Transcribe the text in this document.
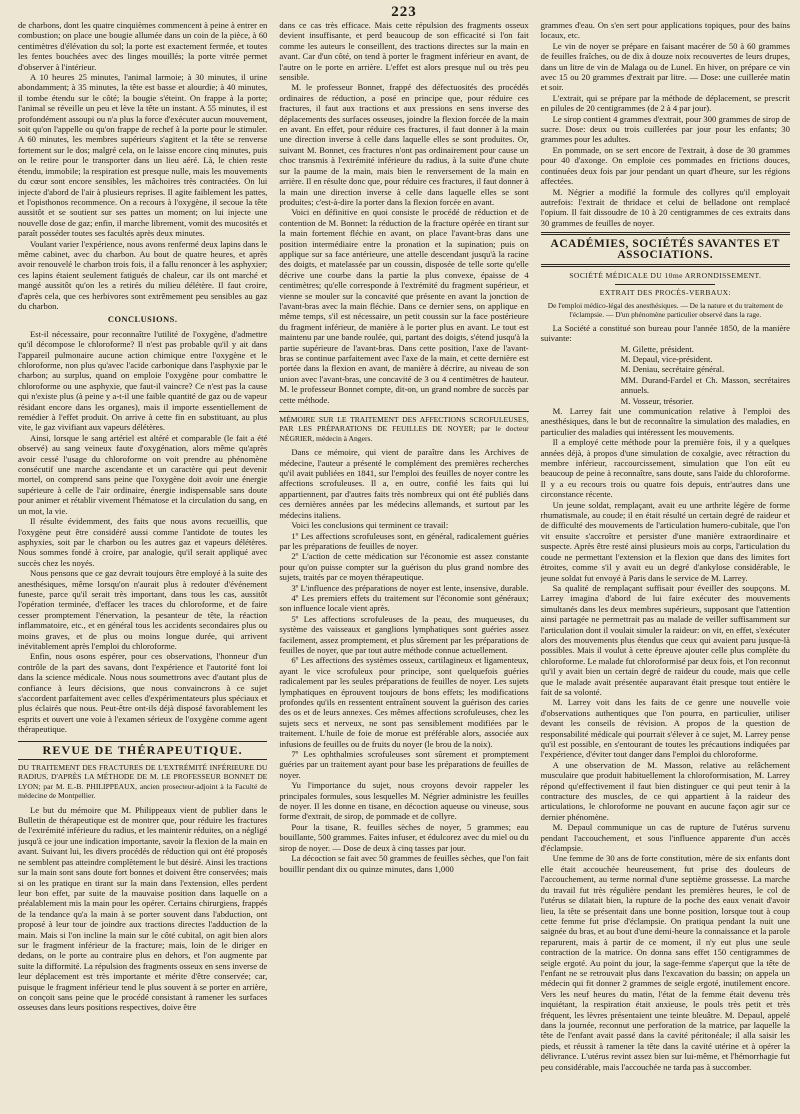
223

de charbons, dont les quatre cinquièmes commencent à peine à entrer en combustion; on place une bougie allumée dans un coin de la pièce, à 60 centimètres d'élévation du sol; la porte est exactement fermée, et toutes les fentes bouchées avec des linges mouillés; la porte vitrée permet d'observer à l'intérieur.

A 10 heures 25 minutes, l'animal larmoie; à 30 minutes, il urine abondamment; à 35 minutes, la tête est basse et alourdie; à 40 minutes, il tombe étendu sur le côté; la bougie s'éteint. On frappe à la porte; l'animal se réveille un peu et lève la tête un instant. A 55 minutes, il est profondément assoupi ou n'a plus la force d'exécuter aucun mouvement, soit qu'on l'appelle ou qu'on frappe de rechef à la porte pour le stimuler. A 60 minutes, les membres supérieurs s'agitent et la tête se renverse fortement sur le dos; malgré cela, on le laisse encore cinq minutes, puis on le retire pour le transporter dans un lieu aéré. Là, le chien reste étendu, immobile; la respiration est presque nulle, mais les mouvements du cœur sont encore sensibles, les mâchoires très contractées. On lui injecte d'abord de l'air à plusieurs reprises. Il agite faiblement les pattes, et l'opisthonos recommence. On a recours à l'oxygène, il secoue la tête aussitôt et se soutient sur ses pattes un moment; on lui injecte une nouvelle dose de gaz; enfin, il marche librement, vomit des mucosités et paraît posséder toutes ses facultés après deux minutes.

Voulant varier l'expérience, nous avons renfermé deux lapins dans le même cabinet, avec du charbon. Au bout de quatre heures, et après avoir renouvelé le charbon trois fois, il a fallu renoncer à les asphyxier; ces lapins étaient seulement fatigués de chaleur, car ils ont marché et mangé aussitôt qu'on les a retirés du milieu délétère. Il faut croire, d'après cela, que ces herbivores sont extrêmement peu sensibles au gaz du charbon.

CONCLUSIONS.

Est-il nécessaire, pour reconnaître l'utilité de l'oxygène, d'admettre qu'il décompose le chloroforme? Il n'est pas probable qu'il y ait dans l'appareil pulmonaire aucune action chimique entre l'oxygène et le chloroforme, non plus qu'avec l'acide carbonique dans l'asphyxie par le charbon; au surplus, quand on emploie l'oxygène pour combattre le chloroforme ou une asphyxie, que faut-il vaincre? Ce n'est pas la cause qui n'existe plus (à peine y a-t-il une faible quantité de gaz ou de vapeur résidant encore dans les organes), mais il importe essentiellement de remédier à l'effet produit. On arrive à cette fin en substituant, au plus vite, le gaz vivifiant aux vapeurs délétères.

Ainsi, lorsque le sang artériel est altéré et comparable (le fait a été observé) au sang veineux faute d'oxygénation, alors même qu'après avoir cessé l'usage du chloroforme on voit prendre au phénomène consécutif une marche ascendante et un caractère qui peut devenir mortel, on comprend sans peine que l'oxygène doit avoir une énergie supérieure à celle de l'air ordinaire, énergie indispensable sans doute pour animer et rétablir vivement l'hématose et la circulation du sang, en un mot, la vie.

Il résulte évidemment, des faits que nous avons recueillis, que l'oxygène peut être considéré aussi comme l'antidote de toutes les asphyxies, soit par le charbon ou les autres gaz et vapeurs délétères. Nous sommes fondé à croire, par analogie, qu'il serait appliqué avec succès chez les noyés.

Nous pensons que ce gaz devrait toujours être employé à la suite des anesthésiques, même lorsqu'on n'aurait plus à redouter d'événement funeste, parce qu'il serait très important, dans tous les cas, aussitôt l'opération terminée, d'effacer les traces du chloroforme, et de faire cesser promptement l'énervation, la pesanteur de tête, la réaction inflammatoire, etc., et en général tous les accidents secondaires plus ou moins graves, et de plus ou moins longue durée, qui arrivent inévitablement après l'emploi du chloroforme.

Enfin, nous osons espérer, pour ces observations, l'honneur d'un contrôle de la part des savans, dont l'expérience et l'autorité font loi dans la science médicale. Nous nous soumettrons avec d'autant plus de confiance à leurs décisions, que nous convaincrons à ce sujet s'accordent parfaitement avec celles d'expérimentateurs plus spéciaux et plus éclairés que nous. Peut-être ont-ils déjà disposé favorablement les esprits et ouvert une voie à l'examen sérieux de l'oxygène comme agent thérapeutique.

REVUE DE THÉRAPEUTIQUE.
DU TRAITEMENT DES FRACTURES DE L'EXTRÉMITÉ INFÉRIEURE DU RADIUS, D'APRÈS LA MÉTHODE DE M. LE PROFESSEUR BONNET DE LYON; par M. E.-B. PHILIPPEAUX, ancien prosecteur-adjoint à la Faculté de médecine de Montpellier.

Le but du mémoire que M. Philippeaux vient de publier dans le Bulletin de thérapeutique est de montrer que, pour réduire les fractures de l'extrémité inférieure du radius, et les maintenir réduites, on a négligé jusqu'à ce jour une indication importante, savoir la flexion de la main en avant. Suivant lui, les divers procédés de réduction qui ont été proposés ne semblent pas atteindre complètement le but désiré. Ainsi les tractions sur la main sont sans doute fort bonnes et doivent être conservées; mais si on les pratique en tirant sur la main dans l'extension, elles perdent leur bon effet, par suite de la mauvaise position dans laquelle on a préalablement mis la main pour les opérer. Certains chirurgiens, frappés de la tendance qu'a la main à se porter souvent dans l'abduction, ont proposé à leur tour de joindre aux tractions directes l'adduction de la main. Mais si l'on incline la main sur le côté cubital, on agit bien alors sur le fragment inférieur de la fracture; mais, loin de le diriger en dedans, on le porte au contraire plus en dehors, et l'on augmente par suite la difformité. La répulsion des fragments osseux en sens inverse de leur déplacement est très importante et mérite d'être conservée; car, puisque le fragment inférieur tend le plus souvent à se porter en arrière, on conçoit sans peine que le procédé consistant à ramener les surfaces osseuses dans leurs positions respectives, doive être

dans ce cas très efficace. Mais cette répulsion des fragments osseux devient insuffisante, et perd beaucoup de son efficacité si l'on fait comme les auteurs le conseillent, des tractions directes sur la main en avant. Car d'un côté, on tend à porter le fragment inférieur en avant, de l'autre on le porte en arrière. L'effet est alors presque nul ou très peu sensible.

M. le professeur Bonnet, frappé des défectuosités des procédés ordinaires de réduction, a posé en principe que, pour réduire ces fractures, il faut aux tractions et aux pressions en sens inverse des déplacements des surfaces osseuses, joindre la flexion forcée de la main en avant. En effet, pour réduire ces fractures, il faut donner à la main une direction inverse à celle dans laquelle elles se sont produites. Or, suivant M. Bonnet, ces fractures n'ont pas ordinairement pour cause un choc transmis à l'extrémité inférieure du radius, à la suite d'une chute sur la paume de la main, mais bien le renversement de la main en arrière. Il en résulte donc que, pour réduire ces fractures, il faut donner à la main une direction inverse à celle dans laquelle elles se sont produites; c'est-à-dire la porter dans la flexion forcée en avant.

Voici en définitive en quoi consiste le procédé de réduction et de contention de M. Bonnet: la réduction de la fracture opérée en tirant sur la main fortement fléchie en avant, on place l'avant-bras dans une position intermédiaire entre la pronation et la supination; puis on applique sur sa face antérieure, une attelle descendant jusqu'à la racine des doigts, et matelassée par un coussin, disposée de telle sorte qu'elle décrive une courbe dans la partie la plus convexe, épaisse de 4 centimètres; qu'elle corresponde à l'extrémité du fragment supérieur, et vienne se mouler sur la concavité que présente en avant la jonction de l'avant-bras avec la main fléchie. Dans ce dernier sens, on applique en même temps, s'il est nécessaire, un petit coussin sur la face postérieure du fragment inférieur, de manière à le porter plus en avant. Le tout est maintenu par une bande roulée, qui, partant des doigts, s'étend jusqu'à la partie supérieure de l'avant-bras. Dans cette position, l'axe de l'avant-bras se continue parfaitement avec l'axe de la main, et cette dernière est portée dans la flexion en avant, de manière à décrire, au niveau de son union avec l'avant-bras, une concavité de 3 ou 4 centimètres de hauteur. M. le professeur Bonnet compte, dit-on, un grand nombre de succès par cette méthode.

MÉMOIRE SUR LE TRAITEMENT DES AFFECTIONS SCROFULEUSES, PAR LES PRÉPARATIONS DE FEUILLES DE NOYER; par le docteur NÉGRIER, médecin à Angers.

Dans ce mémoire, qui vient de paraître dans les Archives de médecine, l'auteur a présenté le complément des premières recherches qu'il avait publiées en 1841, sur l'emploi des feuilles de noyer contre les affections scrofuleuses. Il a, en outre, confié les faits qui lui appartiennent, par d'autres faits très nombreux qui ont été publiés dans ces dernières années par les médecins allemands, et surtout par les médecins italiens.

Voici les conclusions qui terminent ce travail:

1º Les affections scrofuleuses sont, en général, radicalement guéries par les préparations de feuilles de noyer.

2º L'action de cette médication sur l'économie est assez constante pour qu'on puisse compter sur la guérison du plus grand nombre des sujets, traités par ce moyen thérapeutique.

3º L'influence des préparations de noyer est lente, insensive, durable.

4º Les premiers effets du traitement sur l'économie sont généraux; son influence locale vient après.

5º Les affections scrofuleuses de la peau, des muqueuses, du système des vaisseaux et ganglions lymphatiques sont guéries assez facilement, assez promptement, et plus sûrement par les préparations de feuilles de noyer, que par tout autre méthode connue actuellement.

6º Les affections des systèmes osseux, cartilagineux et ligamenteux, ayant le vice scrofuleux pour principe, sont quelquefois guéries radicalement par les seules préparations de feuilles de noyer. Les sujets lymphatiques en éprouvent toujours de bons effets; les modifications profondes qu'ils en ressentent entraînent souvent la guérison des caries des os et de leurs annexes. Ces mêmes affections scrofuleuses, chez les sujets secs et nerveux, ne sont pas sensiblement modifiées par le traitement. L'huile de foie de morue est préférable alors, associée aux infusions de feuilles ou de fruits du noyer (le brou de la noix).

7º Les ophthalmies scrofuleuses sont sûrement et promptement guéries par un traitement ayant pour base les préparations de feuilles de noyer.

Yu l'importance du sujet, nous croyons devoir rappeler les principales formules, sous lesquelles M. Négrier administre les feuilles de noyer. Il les donne en tisane, en décoction aqueuse ou vineuse, sous forme d'extrait, de sirop, de pommade et de collyre.

Pour la tisane, R. feuilles sèches de noyer, 5 grammes; eau bouillante, 500 grammes. Faites infuser, et édulcorez avec du miel ou du sirop de noyer. — Dose de deux à cinq tasses par jour.

La décoction se fait avec 50 grammes de feuilles sèches, que l'on fait bouillir pendant dix ou quinze minutes, dans 1,000

grammes d'eau. On s'en sert pour applications topiques, pour des bains locaux, etc.

Le vin de noyer se prépare en faisant macérer de 50 à 60 grammes de feuilles fraîches, ou de dix à douze noix recouvertes de leurs drupes, dans un litre de vin de Malaga ou de Lunel. En hiver, on prépare ce vin avec 15 ou 20 grammes d'extrait par litre. — Dose: une cuillerée matin et soir.

L'extrait, qui se prépare par la méthode de déplacement, se prescrit en pilules de 20 centigrammes (de 2 à 4 par jour).

Le sirop contient 4 grammes d'extrait, pour 300 grammes de sirop de sucre. Dose: deux ou trois cuillerées par jour pour les enfants; 30 grammes pour les adultes.

En pommade, on se sert encore de l'extrait, à dose de 30 grammes pour 40 d'axonge. On emploie ces pommades en frictions douces, continuées deux fois par jour pendant un quart d'heure, sur les régions affectées.

M. Négrier a modifié la formule des collyres qu'il employait autrefois: l'extrait de thridace et celui de belladone ont remplacé l'opium. Il fait dissoudre de 10 à 20 centigrammes de ces extraits dans 30 grammes de feuilles de noyer.

ACADÉMIES, SOCIÉTÉS SAVANTES ET ASSOCIATIONS.
SOCIÉTÉ MÉDICALE DU 10me ARRONDISSEMENT.
EXTRAIT DES PROCÈS-VERBAUX:
De l'emploi médico-légal des anesthésiques. — De la nature et du traitement de l'éclampsie. — D'un phénomène particulier observé dans la rage.

La Société a constitué son bureau pour l'année 1850, de la manière suivante:

M. Gilette, président.
M. Depaul, vice-président.
M. Deniau, secrétaire général.
MM. Durand-Fardel et Ch. Masson, secrétaires annuels.
M. Vosseur, trésorier.

M. Larrey fait une communication relative à l'emploi des anesthésiques, dans le but de reconnaître la simulation des maladies, en particulier des maladies qui intéressent les mouvements.

Il a employé cette méthode pour la première fois, il y a quelques années déjà, à propos d'une simulation de coxalgie, avec rétraction du membre inférieur, raccourcissement, simulation que l'on eût eu beaucoup de peine à reconnaître, sans doute, sans l'aide du chloroforme. Il y a eu recours trois ou quatre fois depuis, entr'autres dans une circonstance récente.

Un jeune soldat, remplaçant, avait eu une arthrite légère de forme rhumatismale, au coude; il en était résulté un certain degré de raideur et de difficulté des mouvements de l'articulation humero-cubitale, que l'on vit ensuite s'accroître et persister d'une manière extraordinaire et suspecte. Après être resté ainsi plusieurs mois au corps, l'articulation du coude ne permettant l'extension et la flexion que dans des limites fort étroites, comme s'il y avait eu un degré d'ankylose considérable, le jeune soldat fut envoyé à Paris dans le service de M. Larrey.

Sa qualité de remplaçant suffisait pour éveiller des soupçons. M. Larrey imagina d'abord de lui faire exécuter des mouvements simultanés dans les deux membres supérieurs, supposant que l'attention ainsi partagée ne permettrait pas au malade de veiller suffisamment sur l'articulation dont il voulait simuler la raideur: on vit, en effet, s'exécuter alors des mouvements plus étendus que ceux qui avaient paru jusque-là possibles. Mais il voulut à cette épreuve ajouter celle plus complète du chloroforme. Le malade fut chloroformisé par deux fois, et l'on reconnut qu'il y avait bien un certain degré de raideur du coude, mais que celle que le malade avait présentée auparavant était presque tout entière le fait de sa volonté.

M. Larrey voit dans les faits de ce genre une nouvelle voie d'observations authentiques que l'on pourra, en particulier, utiliser devant les conseils de révision. A propos de la question de responsabilité médicale qui pourrait s'élever à ce sujet, M. Larrey pense qu'il est possible, en s'entourant de toutes les précautions indiquées par l'expérience, d'éviter tout danger dans l'emploi du chloroforme.

A une observation de M. Masson, relative au relâchement musculaire que produit habituellement la chloroformisation, M. Larrey répond qu'effectivement il faut bien distinguer ce qui peut tenir à la contracture des muscles, de ce qui appartient à la raideur des articulations, le chloroforme ne pouvant en aucune façon agir sur ce dernier phénomène.

M. Depaul communique un cas de rupture de l'utérus survenu pendant l'accouchement, et sous l'influence apparente d'un accès d'éclampsie.

Une femme de 30 ans de forte constitution, mère de six enfants dont elle était accouchée heureusement, fut prise des douleurs de l'accouchement, au terme normal d'une septième grossesse. La marche du travail fut très régulière pendant les premières heures, le col de l'utérus se dilatait bien, la rupture de la poche des eaux venait d'avoir lieu, la tête se présentait dans une bonne position, lorsque tout à coup cette femme fut prise d'éclampsie. On pratiqua pendant la nuit une saignée du bras, et au bout d'une demi-heure la connaissance et la parole reparurent, mais à partir de ce moment, il n'y eut plus une seule contraction de la matrice. On donna sans effet 150 centigrammes de seigle ergoté. Au point du jour, la sage-femme s'aperçut que la tête de l'enfant ne se retrouvait plus dans l'excavation du bassin; on appela un médecin qui fit donner 2 grammes de seigle ergoté, inutilement encore. Vers les neuf heures du matin, l'état de la femme était devenu très inquiétant, la respiration était anxieuse, le pouls très petit et très fréquent, les lèvres présentaient une teinte bleuâtre. M. Depaul, appelé dans la journée, reconnut une perforation de la matrice, par laquelle la tête de l'enfant avait passé dans la cavité péritonéale; il alla saisir les pieds, et réussit à ramener la tête dans la cavité utérine et à opérer la délivrance. L'utérus revint assez bien sur lui-même, et l'hémorrhagie fut peu considérable, mais l'accouchée ne tarda pas à succomber.
